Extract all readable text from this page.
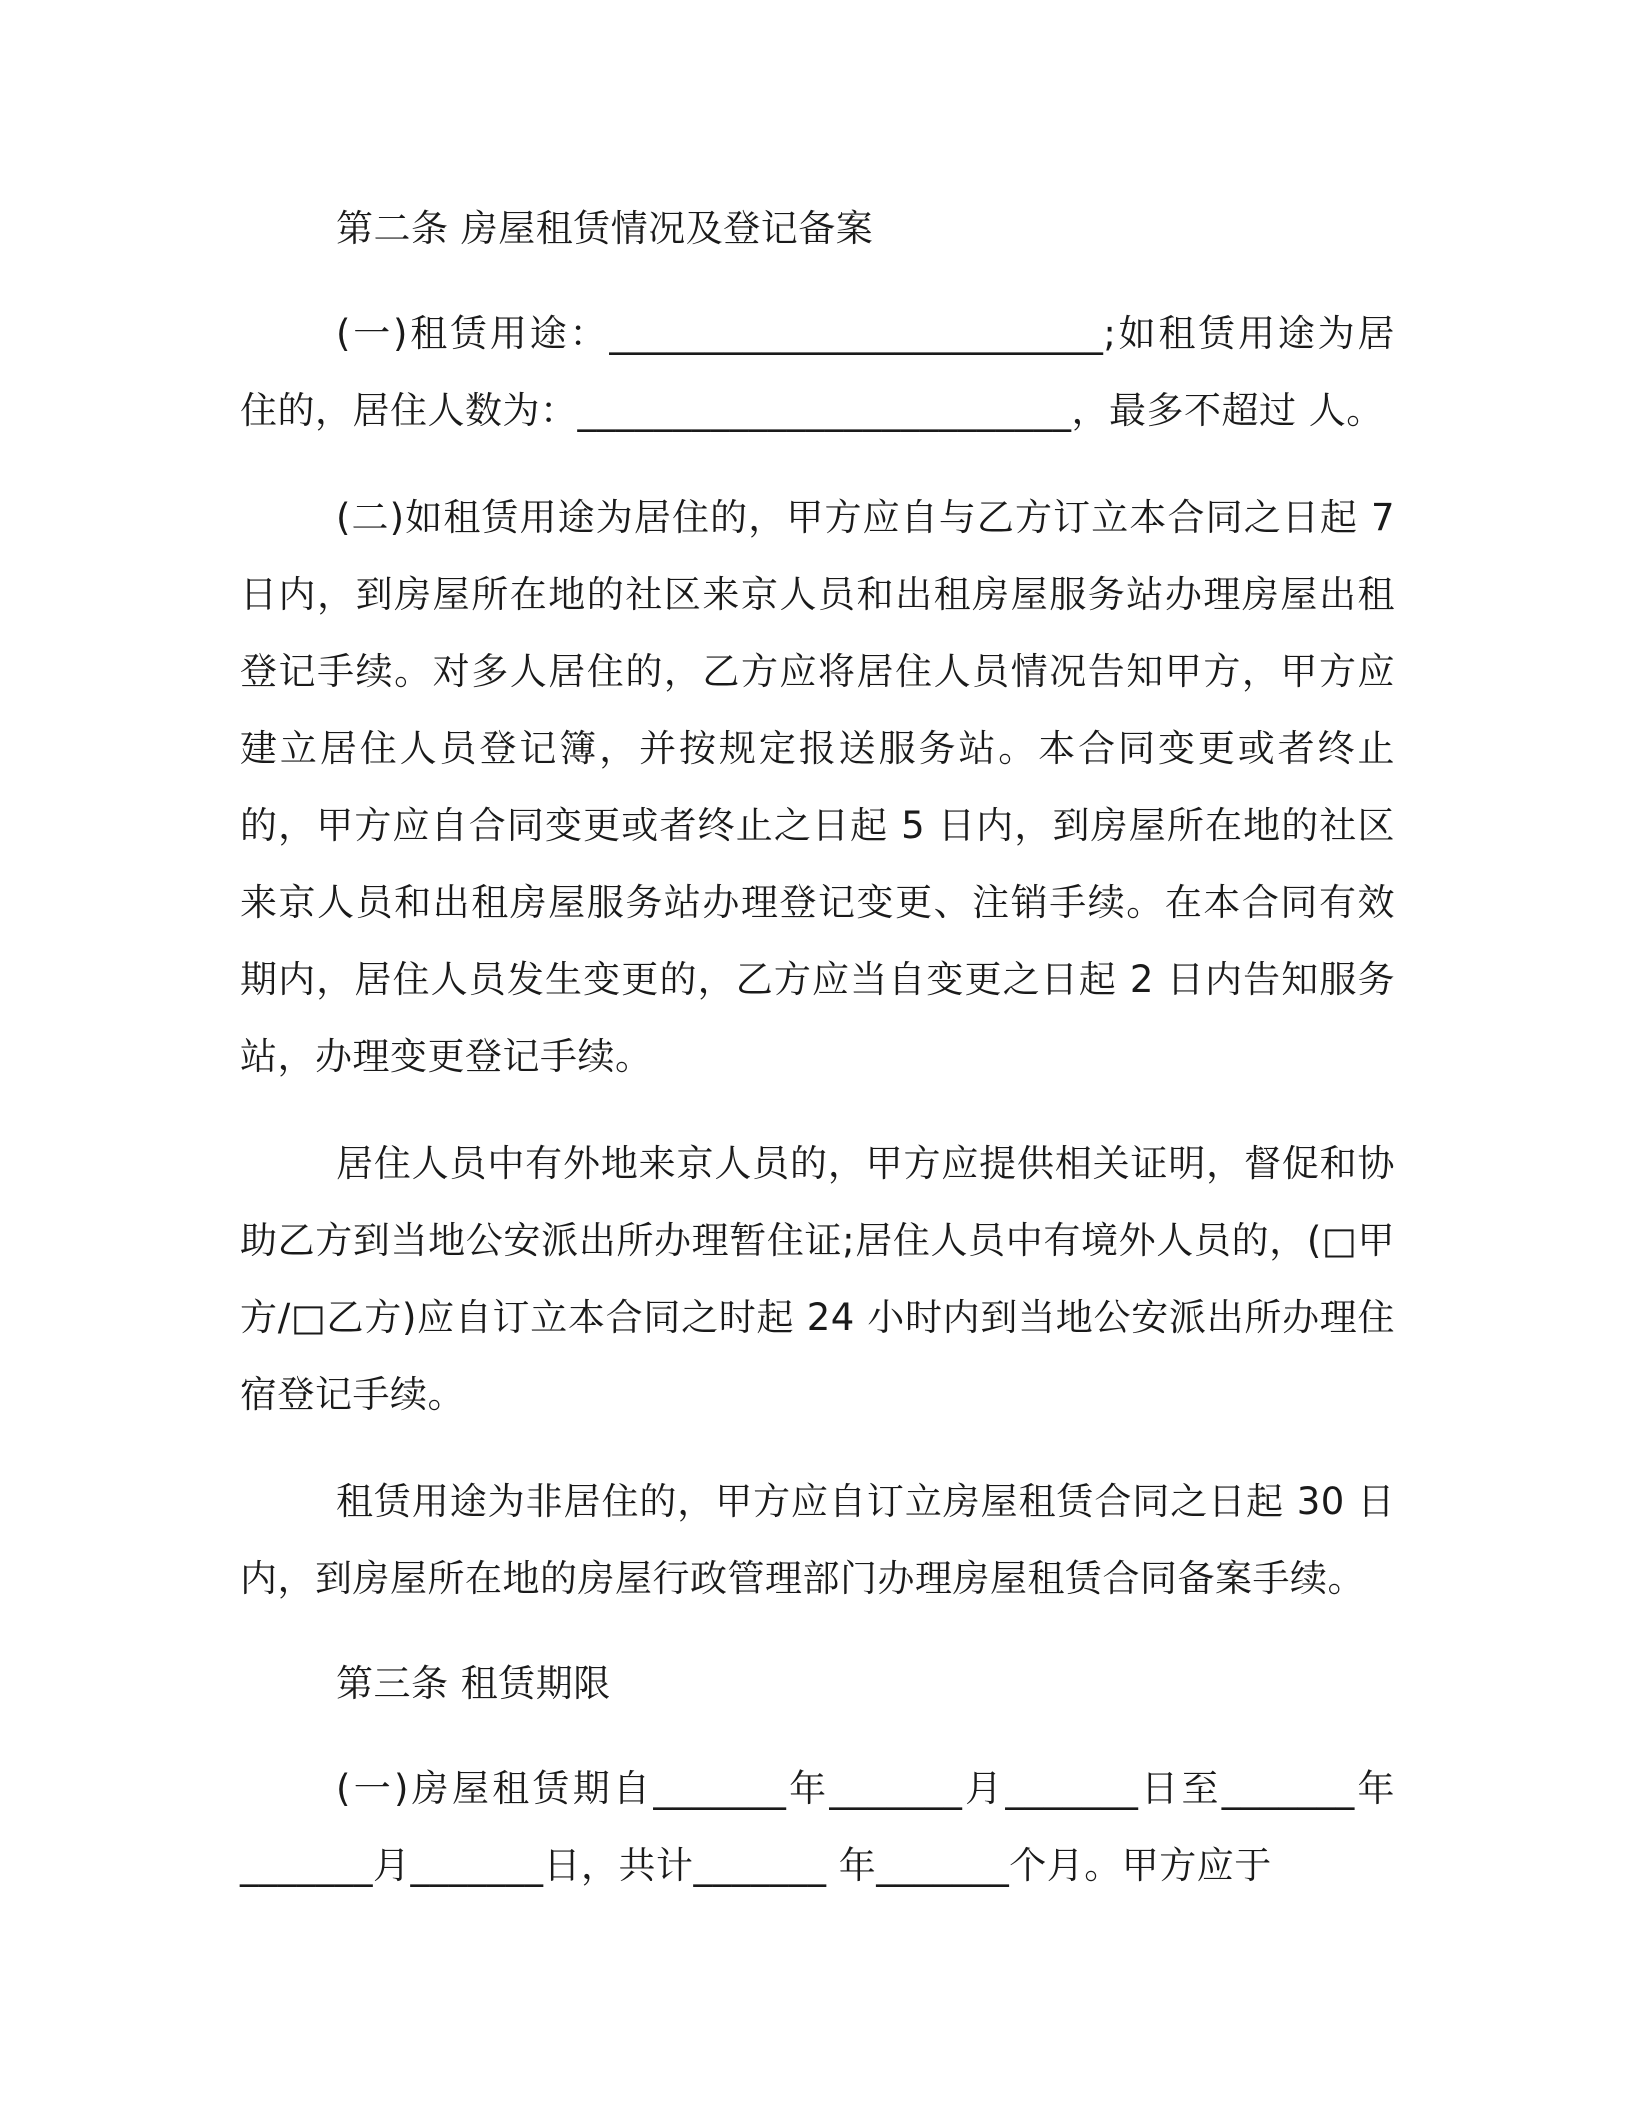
第二条 房屋租赁情况及登记备案

(一)租赁用途：__________________________;如租赁用途为居住的，居住人数为：__________________________，最多不超过 人。

(二)如租赁用途为居住的，甲方应自与乙方订立本合同之日起 7 日内，到房屋所在地的社区来京人员和出租房屋服务站办理房屋出租登记手续。对多人居住的，乙方应将居住人员情况告知甲方，甲方应建立居住人员登记簿，并按规定报送服务站。本合同变更或者终止的，甲方应自合同变更或者终止之日起 5 日内，到房屋所在地的社区来京人员和出租房屋服务站办理登记变更、注销手续。在本合同有效期内，居住人员发生变更的，乙方应当自变更之日起 2 日内告知服务站，办理变更登记手续。

居住人员中有外地来京人员的，甲方应提供相关证明，督促和协助乙方到当地公安派出所办理暂住证;居住人员中有境外人员的，(□甲方/□乙方)应自订立本合同之时起 24 小时内到当地公安派出所办理住宿登记手续。

租赁用途为非居住的，甲方应自订立房屋租赁合同之日起 30 日内，到房屋所在地的房屋行政管理部门办理房屋租赁合同备案手续。

第三条 租赁期限

(一)房屋租赁期自_______年_______月_______日至_______年_______月_______日，共计_______ 年_______个月。甲方应于
